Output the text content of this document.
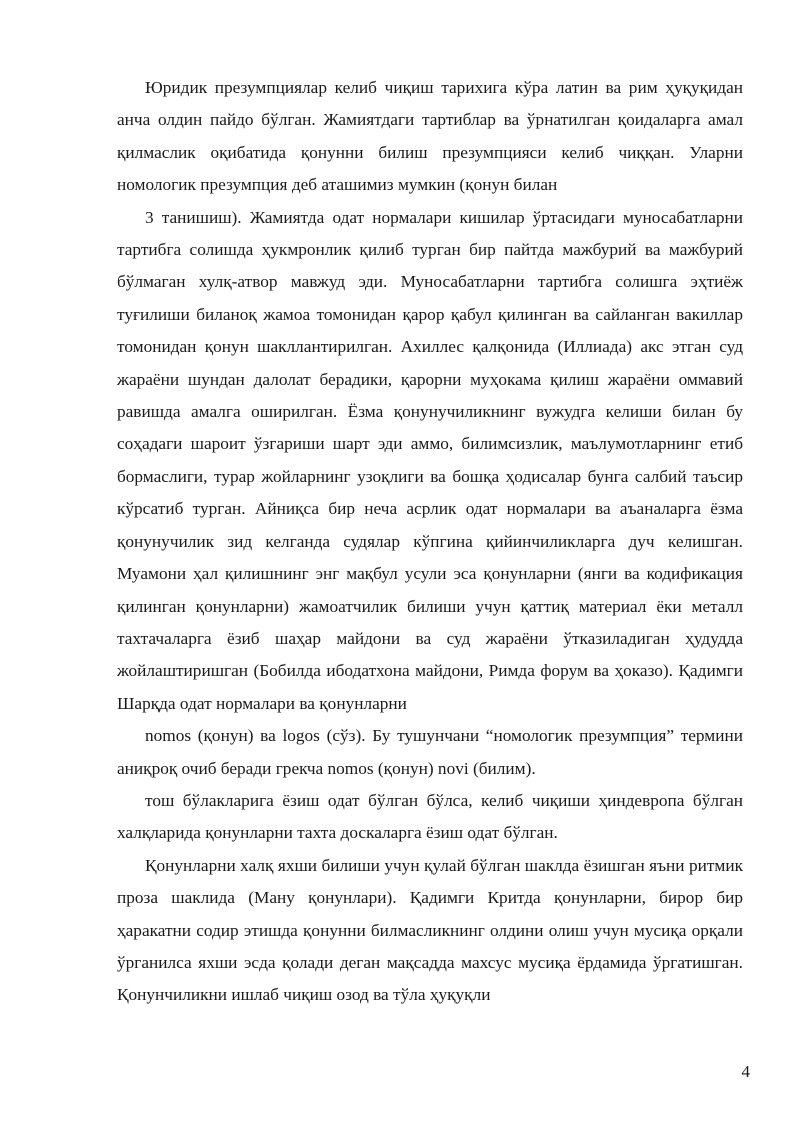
Юридик презумпциялар келиб чиқиш тарихига кўра латин ва рим ҳуқуқидан анча олдин пайдо бўлган. Жамиятдаги тартиблар ва ўрнатилган қоидаларга амал қилмаслик оқибатида қонунни билиш презумпцияси келиб чиққан. Уларни номологик презумпция деб аташимиз мумкин (қонун билан

3 танишиш). Жамиятда одат нормалари кишилар ўртасидаги муносабатларни тартибга солишда ҳукмронлик қилиб турган бир пайтда мажбурий ва мажбурий бўлмаган хулқ-атвор мавжуд эди. Муносабатларни тартибга солишга эҳтиёж туғилиши биланоқ жамоа томонидан қарор қабул қилинган ва сайланган вакиллар томонидан қонун шакллантирилган. Ахиллес қалқонида (Иллиада) акс этган суд жараёни шундан далолат берадики, қарорни муҳокама қилиш жараёни оммавий равишда амалга оширилган. Ёзма қонунучиликнинг вужудга келиши билан бу соҳадаги шароит ўзгариши шарт эди аммо, билимсизлик, маълумотларнинг етиб бормаслиги, турар жойларнинг узоқлиги ва бошқа ҳодисалар бунга салбий таъсир кўрсатиб турган. Айниқса бир неча асрлик одат нормалари ва аъаналарга ёзма қонунучилик зид келганда судялар кўпгина қийинчиликларга дуч келишган. Муамони ҳал қилишнинг энг мақбул усули эса қонунларни (янги ва кодификация қилинган қонунларни) жамоатчилик билиши учун қаттиқ материал ёки металл тахтачаларга ёзиб шаҳар майдони ва суд жараёни ўтказиладиган ҳудудда жойлаштиришган (Бобилда ибодатхона майдони, Римда форум ва ҳоказо). Қадимги Шарқда одат нормалари ва қонунларни

nomos (қонун) ва logos (сўз). Бу тушунчани “номологик презумпция” термини аниқроқ очиб беради грекча nomos (қонун) novi (билим).

тош бўлакларига ёзиш одат бўлган бўлса, келиб чиқиши ҳиндевропа бўлган халқларида қонунларни тахта доскаларга ёзиш одат бўлган.

Қонунларни халқ яхши билиши учун қулай бўлган шаклда ёзишган яъни ритмик проза шаклида (Ману қонунлари). Қадимги Критда қонунларни, бирор бир ҳаракатни содир этишда қонунни билмасликнинг олдини олиш учун мусиқа орқали ўрганилса яхши эсда қолади деган мақсадда махсус мусиқа ёрдамида ўргатишган. Қонунчиликни ишлаб чиқиш озод ва тўла ҳуқуқли

4
